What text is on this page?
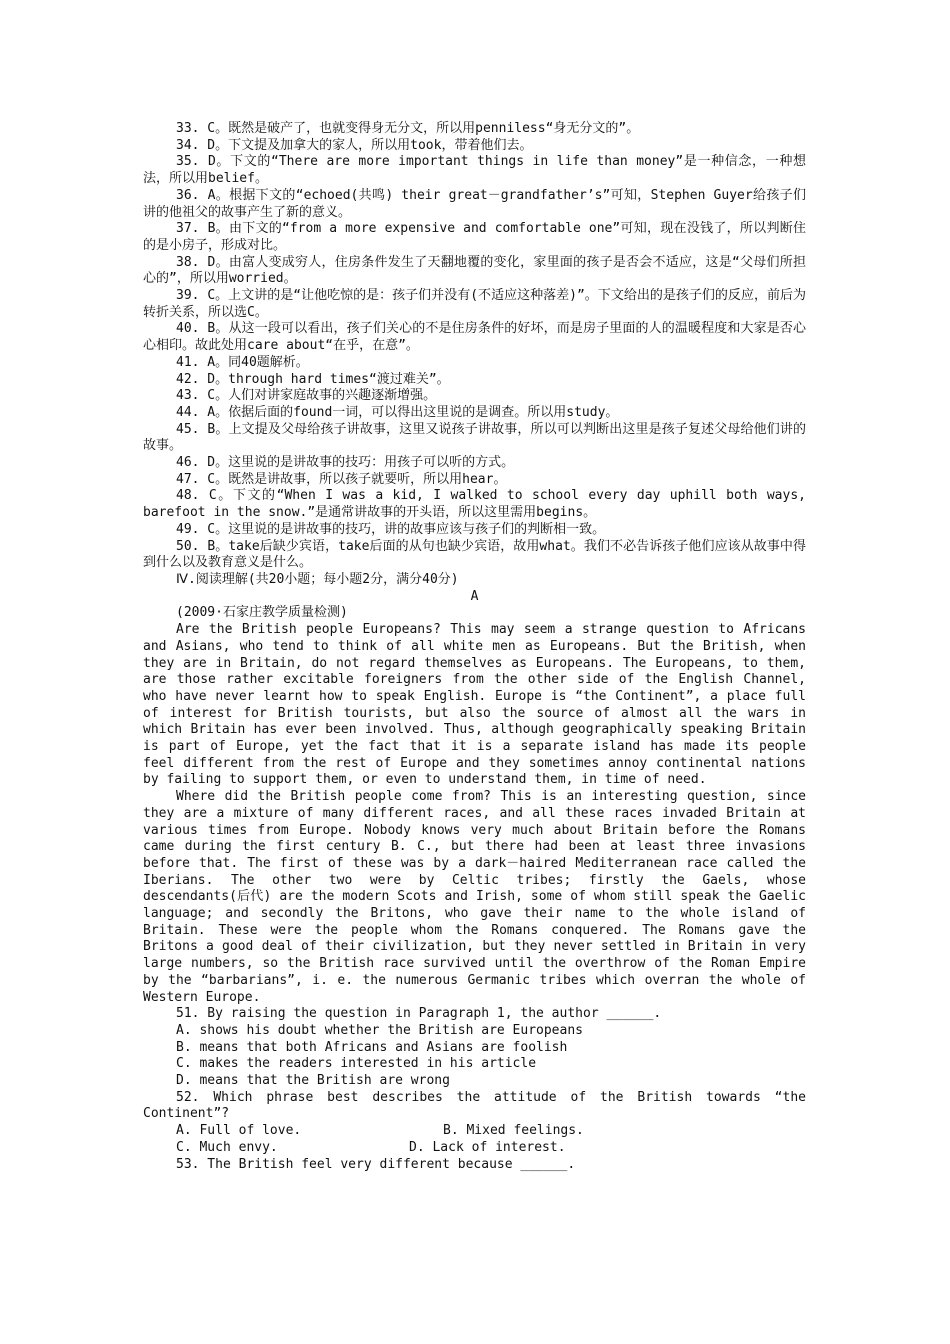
33. C。既然是破产了，也就变得身无分文，所以用penniless“身无分文的”。

34. D。下文提及加拿大的家人，所以用took，带着他们去。

35. D。下文的“There are more important things in life than money”是一种信念，一种想法，所以用belief。

36. A。根据下文的“echoed(共鸣) their great－grandfather’s”可知，Stephen Guyer给孩子们讲的他祖父的故事产生了新的意义。

37. B。由下文的“from a more expensive and comfortable one”可知，现在没钱了，所以判断住的是小房子，形成对比。

38. D。由富人变成穷人，住房条件发生了天翻地覆的变化，家里面的孩子是否会不适应，这是“父母们所担心的”，所以用worried。

39. C。上文讲的是“让他吃惊的是：孩子们并没有(不适应这种落差)”。下文给出的是孩子们的反应，前后为转折关系，所以选C。

40. B。从这一段可以看出，孩子们关心的不是住房条件的好坏，而是房子里面的人的温暖程度和大家是否心心相印。故此处用care about“在乎，在意”。

41. A。同40题解析。

42. D。through hard times“渡过难关”。

43. C。人们对讲家庭故事的兴趣逐渐增强。

44. A。依据后面的found一词，可以得出这里说的是调查。所以用study。

45. B。上文提及父母给孩子讲故事，这里又说孩子讲故事，所以可以判断出这里是孩子复述父母给他们讲的故事。

46. D。这里说的是讲故事的技巧：用孩子可以听的方式。

47. C。既然是讲故事，所以孩子就要听，所以用hear。

48. C。下文的“When I was a kid, I walked to school every day uphill both ways, barefoot in the snow.”是通常讲故事的开头语，所以这里需用begins。

49. C。这里说的是讲故事的技巧，讲的故事应该与孩子们的判断相一致。

50. B。take后缺少宾语，take后面的从句也缺少宾语，故用what。我们不必告诉孩子他们应该从故事中得到什么以及教育意义是什么。

Ⅳ.阅读理解(共20小题；每小题2分，满分40分)

A

(2009·石家庄教学质量检测)

Are the British people Europeans? This may seem a strange question to Africans and Asians, who tend to think of all white men as Europeans. But the British, when they are in Britain, do not regard themselves as Europeans. The Europeans, to them, are those rather excitable foreigners from the other side of the English Channel, who have never learnt how to speak English. Europe is “the Continent”, a place full of interest for British tourists, but also the source of almost all the wars in which Britain has ever been involved. Thus, although geographically speaking Britain is part of Europe, yet the fact that it is a separate island has made its people feel different from the rest of Europe and they sometimes annoy continental nations by failing to support them, or even to understand them, in time of need.

Where did the British people come from? This is an interesting question, since they are a mixture of many different races, and all these races invaded Britain at various times from Europe. Nobody knows very much about Britain before the Romans came during the first century B. C., but there had been at least three invasions before that. The first of these was by a dark－haired Mediterranean race called the Iberians. The other two were by Celtic tribes; firstly the Gaels, whose descendants(后代) are the modern Scots and Irish, some of whom still speak the Gaelic language; and secondly the Britons, who gave their name to the whole island of Britain. These were the people whom the Romans conquered. The Romans gave the Britons a good deal of their civilization, but they never settled in Britain in very large numbers, so the British race survived until the overthrow of the Roman Empire by the “barbarians”, i. e. the numerous Germanic tribes which overran the whole of Western Europe.

51. By raising the question in Paragraph 1, the author ______.

A. shows his doubt whether the British are Europeans
B. means that both Africans and Asians are foolish
C. makes the readers interested in his article
D. means that the British are wrong

52. Which phrase best describes the attitude of the British towards “the Continent”?

A. Full of love.	B. Mixed feelings.
C. Much envy.	D. Lack of interest.

53. The British feel very different because ______.
